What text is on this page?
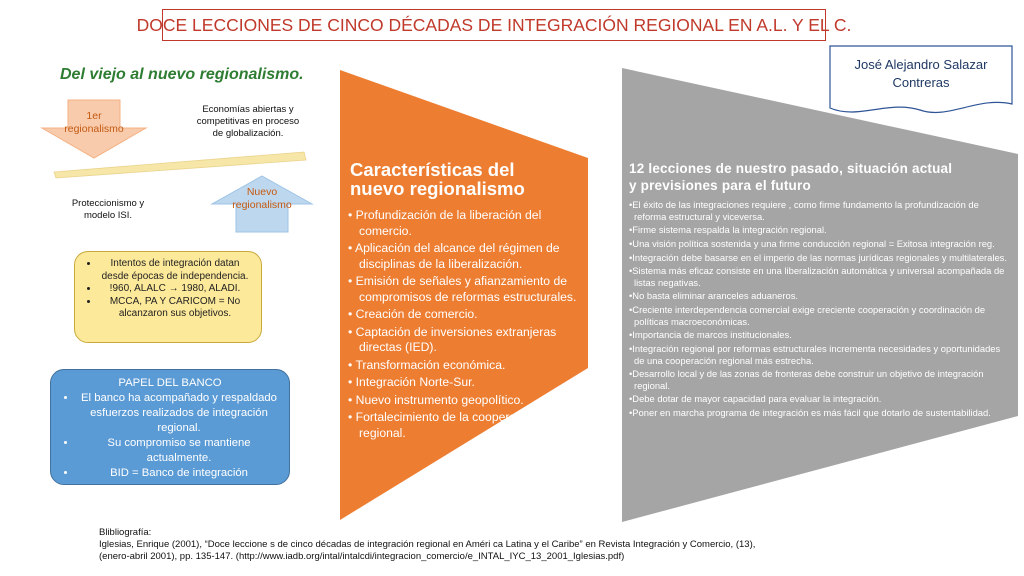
DOCE LECCIONES DE CINCO DÉCADAS DE INTEGRACIÓN REGIONAL EN A.L. Y EL C.
José Alejandro Salazar
Contreras
Del viejo al nuevo regionalismo.
1er
regionalismo
Economías abiertas y
competitivas en proceso
de globalización.
Proteccionismo y
modelo ISI.
Nuevo
regionalismo
• Intentos de integración datan desde épocas de independencia.
• !960, ALALC → 1980, ALADI.
• MCCA, PA Y CARICOM = No alcanzaron sus objetivos.
PAPEL DEL BANCO
• El banco ha acompañado y respaldado esfuerzos realizados de integración regional.
• Su compromiso se mantiene actualmente.
• BID = Banco de integración
Características del
nuevo regionalismo
• Profundización de la liberación del comercio.
• Aplicación del alcance del régimen de disciplinas de la liberalización.
• Emisión de señales y afianzamiento de compromisos de reformas estructurales.
• Creación de comercio.
• Captación de inversiones extranjeras directas (IED).
• Transformación económica.
• Integración Norte-Sur.
• Nuevo instrumento geopolítico.
• Fortalecimiento de la cooperación regional.
12 lecciones de nuestro pasado, situación actual
y previsiones para el futuro
•El éxito de las integraciones requiere , como firme fundamento la profundización de reforma estructural y viceversa.
•Firme sistema respalda la integración regional.
•Una visión política sostenida y una firme conducción regional = Exitosa integración reg.
•Integración debe basarse en el imperio de las normas jurídicas regionales y multilaterales.
•Sistema más eficaz consiste en una liberalización automática y universal acompañada de listas negativas.
•No basta eliminar aranceles aduaneros.
•Creciente interdependencia comercial exige creciente cooperación y coordinación de políticas macroeconómicas.
•Importancia de marcos institucionales.
•Integración regional por reformas estructurales incrementa necesidades y oportunidades de una cooperación regional más estrecha.
•Desarrollo local y de las zonas de fronteras debe construir un objetivo de integración regional.
•Debe dotar de mayor capacidad para evaluar la integración.
•Poner en marcha programa de integración es más fácil que dotarlo de sustentabilidad.
Blibliografía:
Iglesias, Enrique (2001), “Doce leccione s de cinco décadas de integración regional en Améri ca Latina y el Caribe” en Revista Integración y Comercio, (13),
(enero-abril 2001), pp. 135-147. (http://www.iadb.org/intal/intalcdi/integracion_comercio/e_INTAL_IYC_13_2001_Iglesias.pdf)
